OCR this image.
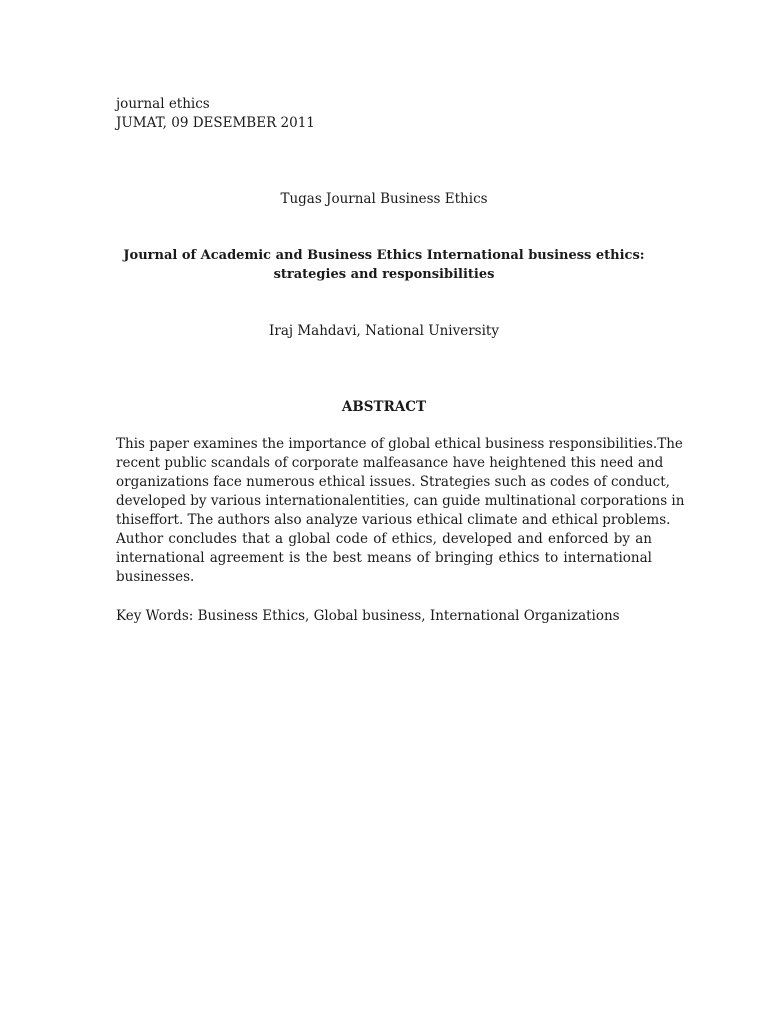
journal ethics
JUMAT, 09 DESEMBER 2011
Tugas Journal Business Ethics
Journal of Academic and Business Ethics International business ethics:
strategies and responsibilities
Iraj Mahdavi, National University
ABSTRACT
This paper examines the importance of global ethical business responsibilities.The
recent public scandals of corporate malfeasance have heightened this need and
organizations face numerous ethical issues. Strategies such as codes of conduct,
developed by various internationalentities, can guide multinational corporations in
thiseffort. The authors also analyze various ethical climate and ethical problems.
Author concludes that a global code of ethics, developed and enforced by an
international agreement is the best means of bringing ethics to international
businesses.
Key Words: Business Ethics, Global business, International Organizations
